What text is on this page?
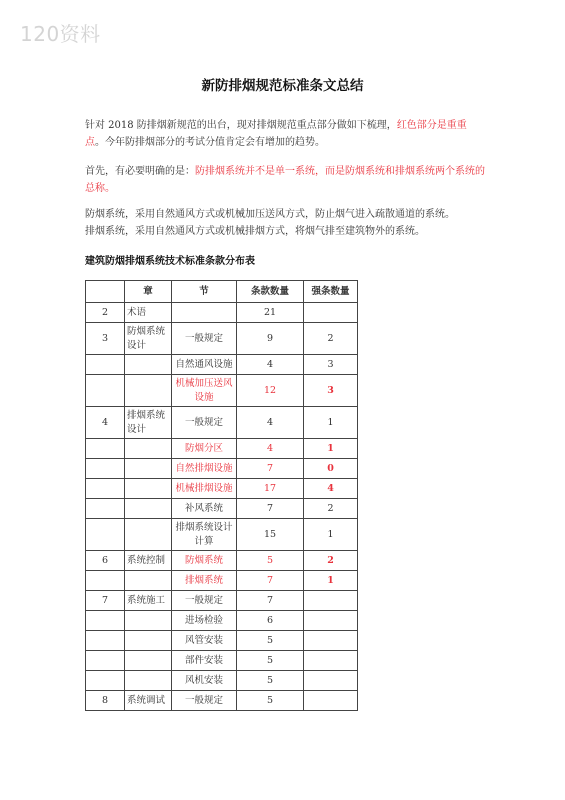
120资料
新防排烟规范标准条文总结
针对 2018 防排烟新规范的出台，现对排烟规范重点部分做如下梳理，红色部分是重重点。今年防排烟部分的考试分值肯定会有增加的趋势。
首先，有必要明确的是：防排烟系统并不是单一系统，而是防烟系统和排烟系统两个系统的总称。
防烟系统，采用自然通风方式或机械加压送风方式，防止烟气进入疏散通道的系统。
排烟系统，采用自然通风方式或机械排烟方式，将烟气排至建筑物外的系统。
建筑防烟排烟系统技术标准条款分布表
	章	节	条款数量	强条数量
2	术语		21	
3	防烟系统设计	一般规定	9	2
		自然通风设施	4	3
		机械加压送风设施	12	3
4	排烟系统设计	一般规定	4	1
		防烟分区	4	1
		自然排烟设施	7	0
		机械排烟设施	17	4
		补风系统	7	2
		排烟系统设计计算	15	1
6	系统控制	防烟系统	5	2
		排烟系统	7	1
7	系统施工	一般规定	7	
		进场检验	6	
		风管安装	5	
		部件安装	5	
		风机安装	5	
8	系统调试	一般规定	5	
